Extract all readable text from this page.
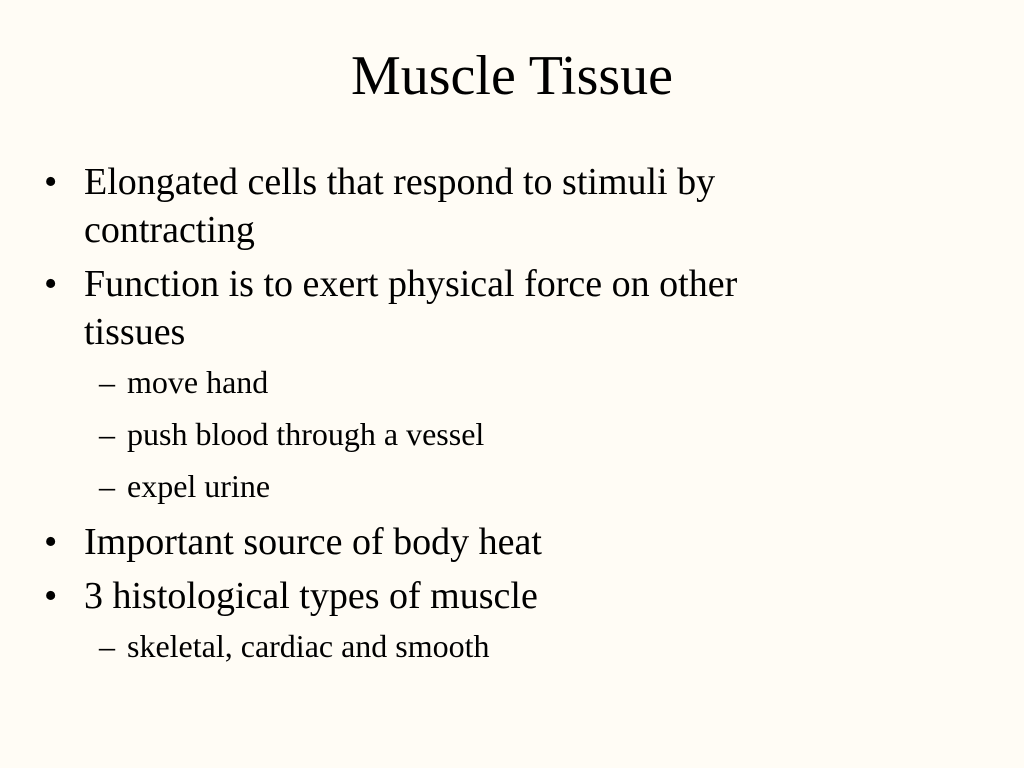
Muscle Tissue
• Elongated cells that respond to stimuli by
contracting
• Function is to exert physical force on other
tissues
– move hand
– push blood through a vessel
– expel urine
• Important source of body heat
• 3 histological types of muscle
– skeletal, cardiac and smooth
